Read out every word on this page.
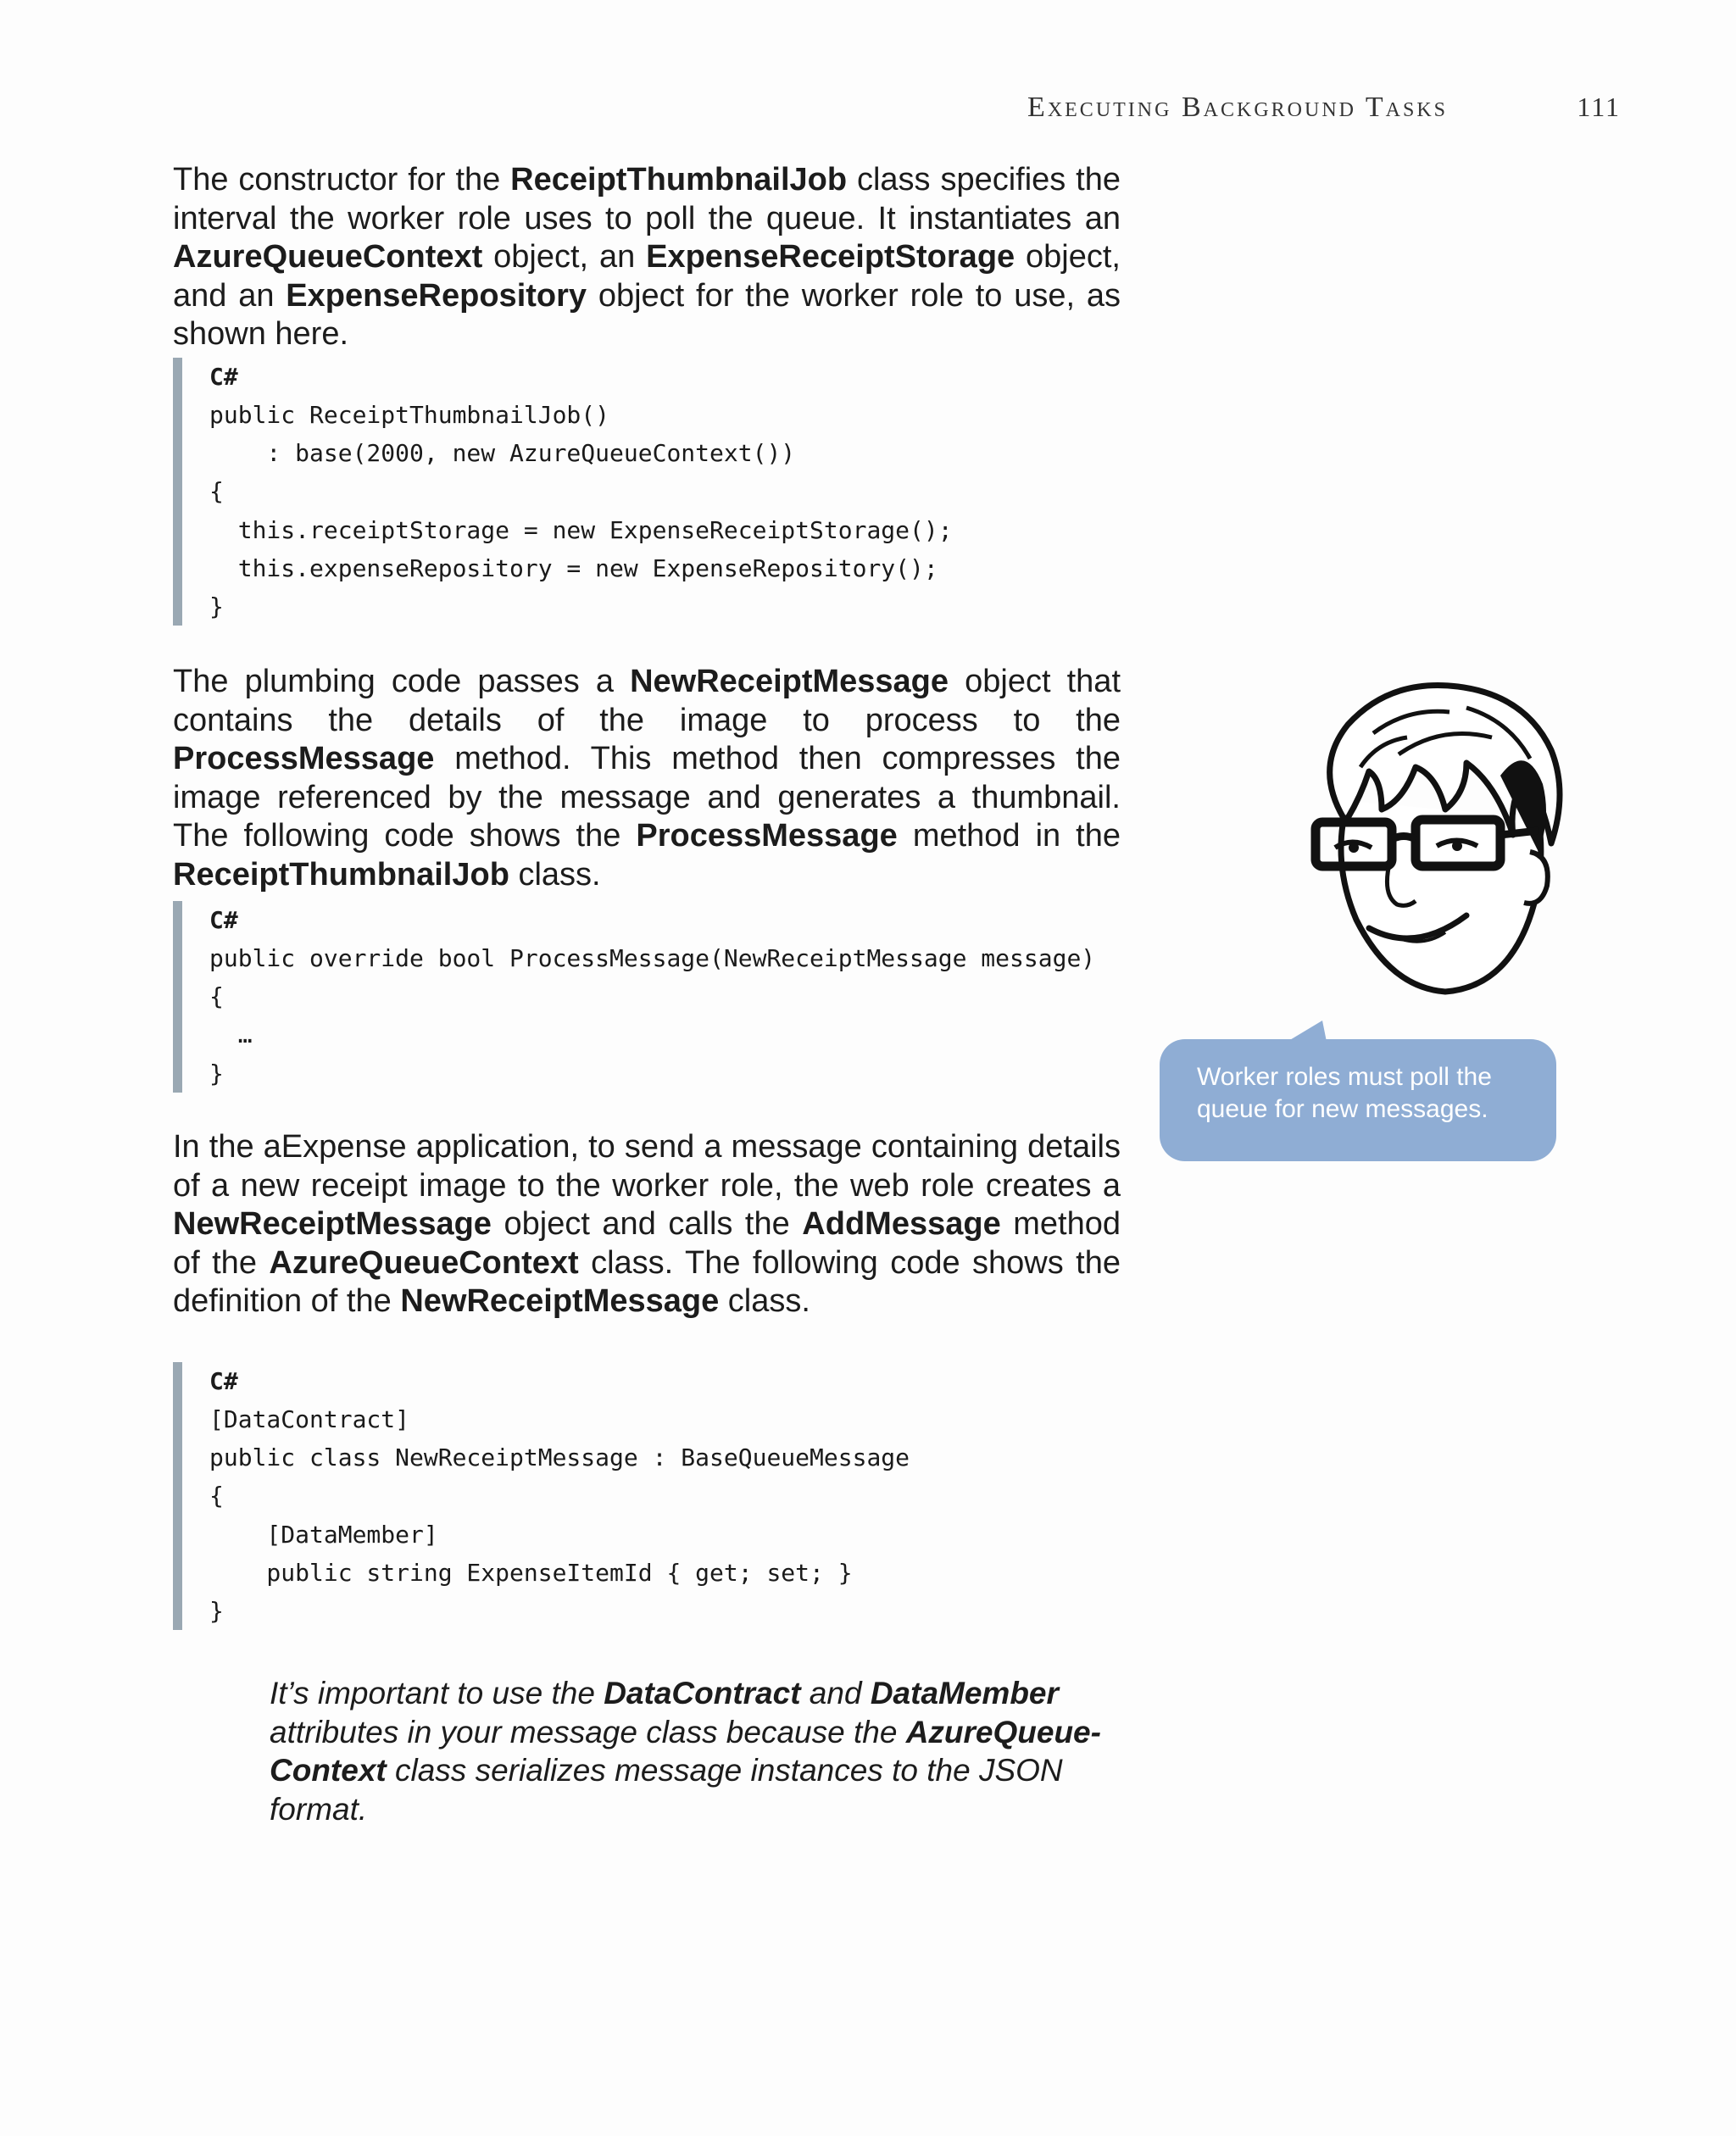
Executing Background Tasks	111

The constructor for the ReceiptThumbnailJob class specifies the interval the worker role uses to poll the queue. It instantiates an AzureQueueContext object, an ExpenseReceiptStorage object, and an ExpenseRepository object for the worker role to use, as shown here.

C#
public ReceiptThumbnailJob()
: base(2000, new AzureQueueContext())
{
this.receiptStorage = new ExpenseReceiptStorage();
this.expenseRepository = new ExpenseRepository();
}

The plumbing code passes a NewReceiptMessage object that contains the details of the image to process to the ProcessMessage method. This method then compresses the image referenced by the message and generates a thumbnail. The following code shows the ProcessMessage method in the ReceiptThumbnailJob class.

C#
public override bool ProcessMessage(NewReceiptMessage message)
{
…
}

In the aExpense application, to send a message containing details of a new receipt image to the worker role, the web role creates a NewReceiptMessage object and calls the AddMessage method of the AzureQueueContext class. The following code shows the definition of the NewReceiptMessage class.

C#
[DataContract]
public class NewReceiptMessage : BaseQueueMessage
{
[DataMember]
public string ExpenseItemId { get; set; }
}

It’s important to use the DataContract and DataMember attributes in your message class because the AzureQueueContext class serializes message instances to the JSON format.

Worker roles must poll the queue for new messages.
